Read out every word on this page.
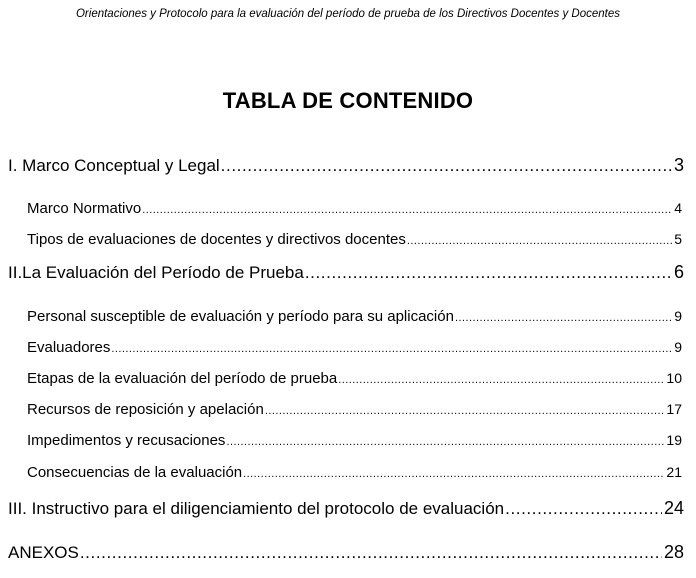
Orientaciones y Protocolo para la evaluación del período de prueba de los Directivos Docentes y Docentes
TABLA DE CONTENIDO
I. Marco Conceptual y Legal .....	3
Marco Normativo .....	4
Tipos de evaluaciones de docentes y directivos docentes .....	5
II.La Evaluación del Período de Prueba .....	6
Personal susceptible de evaluación y período para su aplicación .....	9
Evaluadores .....	9
Etapas de la evaluación del período de prueba .....	10
Recursos de reposición y apelación .....	17
Impedimentos y recusaciones .....	19
Consecuencias de la evaluación .....	21
III. Instructivo para el diligenciamiento del protocolo de evaluación .....	24
ANEXOS .....	28
